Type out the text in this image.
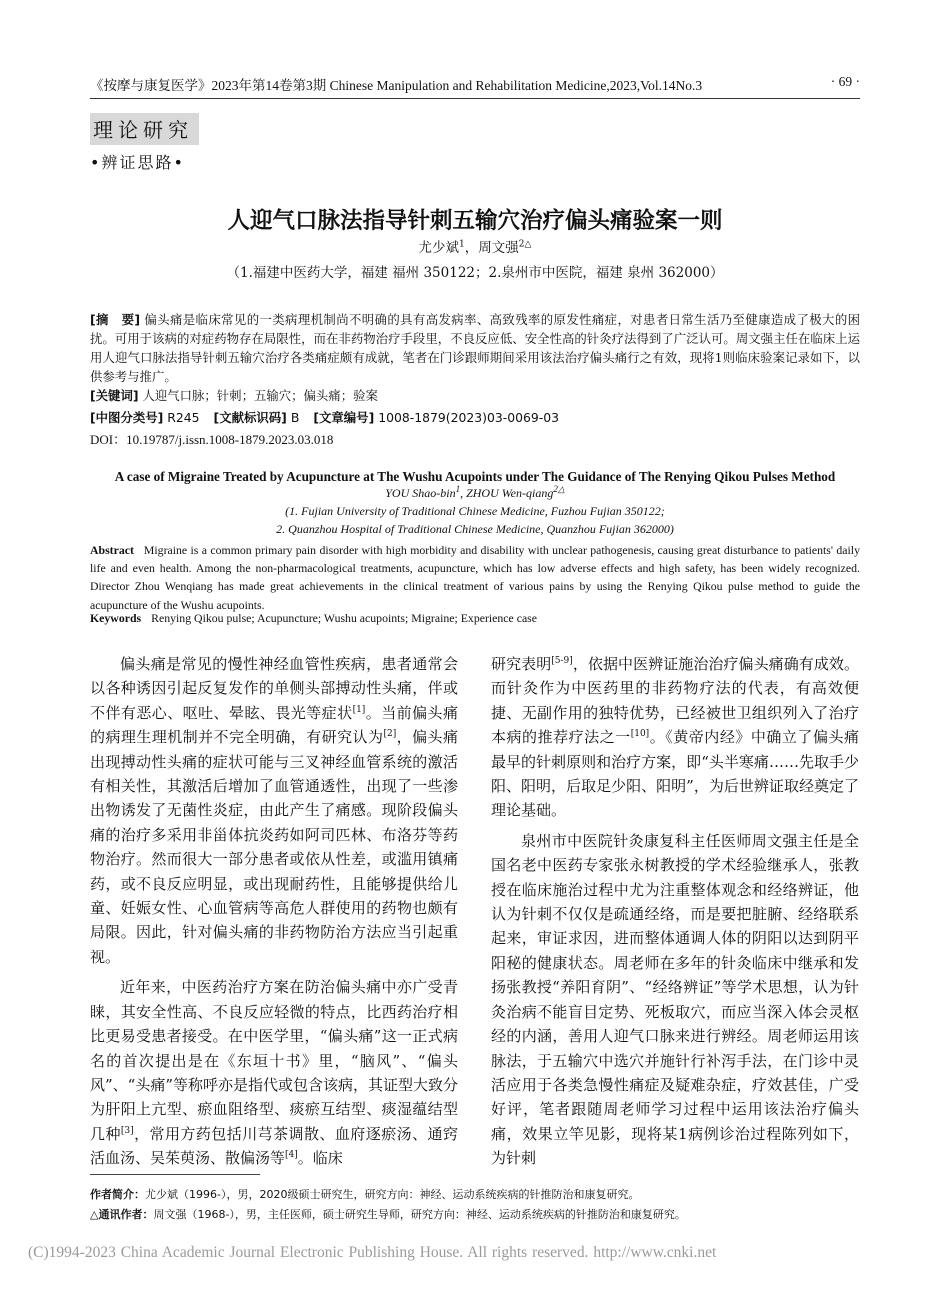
《按摩与康复医学》2023年第14卷第3期 Chinese Manipulation and Rehabilitation Medicine,2023,Vol.14No.3	· 69 ·
理论研究
•辨证思路•
人迎气口脉法指导针刺五输穴治疗偏头痛验案一则
尤少斌$^1$，周文强$^{2\triangle}$
（1.福建中医药大学，福建 福州 350122；2.泉州市中医院，福建 泉州 362000）
[摘　要] 偏头痛是临床常见的一类病理机制尚不明确的具有高发病率、高致残率的原发性痛症，对患者日常生活乃至健康造成了极大的困扰。可用于该病的对症药物存在局限性，而在非药物治疗手段里，不良反应低、安全性高的针灸疗法得到了广泛认可。周文强主任在临床上运用人迎气口脉法指导针刺五输穴治疗各类痛症颇有成就，笔者在门诊跟师期间采用该法治疗偏头痛行之有效，现将1则临床验案记录如下，以供参考与推广。
[关键词] 人迎气口脉；针刺；五输穴；偏头痛；验案
[中图分类号] R245 [文献标识码] B [文章编号] 1008-1879(2023)03-0069-03
DOI：10.19787/j.issn.1008-1879.2023.03.018
A case of Migraine Treated by Acupuncture at The Wushu Acupoints under The Guidance of The Renying Qikou Pulses Method
YOU Shao-bin$^1$, ZHOU Wen-qiang$^{2\triangle}$
(1. Fujian University of Traditional Chinese Medicine, Fuzhou Fujian 350122;
2. Quanzhou Hospital of Traditional Chinese Medicine, Quanzhou Fujian 362000)
Abstract Migraine is a common primary pain disorder with high morbidity and disability with unclear pathogenesis, causing great disturbance to patients' daily life and even health. Among the non-pharmacological treatments, acupuncture, which has low adverse effects and high safety, has been widely recognized. Director Zhou Wenqiang has made great achievements in the clinical treatment of various pains by using the Renying Qikou pulse method to guide the acupuncture of the Wushu acupoints.
Keywords Renying Qikou pulse; Acupuncture; Wushu acupoints; Migraine; Experience case

偏头痛是常见的慢性神经血管性疾病，患者通常会以各种诱因引起反复发作的单侧头部搏动性头痛，伴或不伴有恶心、呕吐、晕眩、畏光等症状[1]。当前偏头痛的病理生理机制并不完全明确，有研究认为[2]，偏头痛出现搏动性头痛的症状可能与三叉神经血管系统的激活有相关性，其激活后增加了血管通透性，出现了一些渗出物诱发了无菌性炎症，由此产生了痛感。现阶段偏头痛的治疗多采用非甾体抗炎药如阿司匹林、布洛芬等药物治疗。然而很大一部分患者或依从性差，或滥用镇痛药，或不良反应明显，或出现耐药性，且能够提供给儿童、妊娠女性、心血管病等高危人群使用的药物也颇有局限。因此，针对偏头痛的非药物防治方法应当引起重视。

近年来，中医药治疗方案在防治偏头痛中亦广受青睐，其安全性高、不良反应轻微的特点，比西药治疗相比更易受患者接受。在中医学里，“偏头痛”这一正式病名的首次提出是在《东垣十书》里，“脑风”、“偏头风”、“头痛”等称呼亦是指代或包含该病，其证型大致分为肝阳上亢型、瘀血阻络型、痰瘀互结型、痰湿蕴结型几种[3]，常用方药包括川芎茶调散、血府逐瘀汤、通窍活血汤、吴茱萸汤、散偏汤等[4]。临床

研究表明[5-9]，依据中医辨证施治治疗偏头痛确有成效。而针灸作为中医药里的非药物疗法的代表，有高效便捷、无副作用的独特优势，已经被世卫组织列入了治疗本病的推荐疗法之一[10]。《黄帝内经》中确立了偏头痛最早的针刺原则和治疗方案，即“头半寒痛……先取手少阳、阳明，后取足少阳、阳明”，为后世辨证取经奠定了理论基础。

泉州市中医院针灸康复科主任医师周文强主任是全国名老中医药专家张永树教授的学术经验继承人，张教授在临床施治过程中尤为注重整体观念和经络辨证，他认为针刺不仅仅是疏通经络，而是要把脏腑、经络联系起来，审证求因，进而整体通调人体的阴阳以达到阴平阳秘的健康状态。周老师在多年的针灸临床中继承和发扬张教授“养阳育阴”、“经络辨证”等学术思想，认为针灸治病不能盲目定势、死板取穴，而应当深入体会灵枢经的内涵，善用人迎气口脉来进行辨经。周老师运用该脉法，于五输穴中选穴并施针行补泻手法，在门诊中灵活应用于各类急慢性痛症及疑难杂症，疗效甚佳，广受好评，笔者跟随周老师学习过程中运用该法治疗偏头痛，效果立竿见影，现将某1病例诊治过程陈列如下，为针刺

作者简介：尤少斌（1996-），男，2020级硕士研究生，研究方向：神经、运动系统疾病的针推防治和康复研究。
△通讯作者：周文强（1968-），男，主任医师，硕士研究生导师，研究方向：神经、运动系统疾病的针推防治和康复研究。
(C)1994-2023 China Academic Journal Electronic Publishing House. All rights reserved. http://www.cnki.net
